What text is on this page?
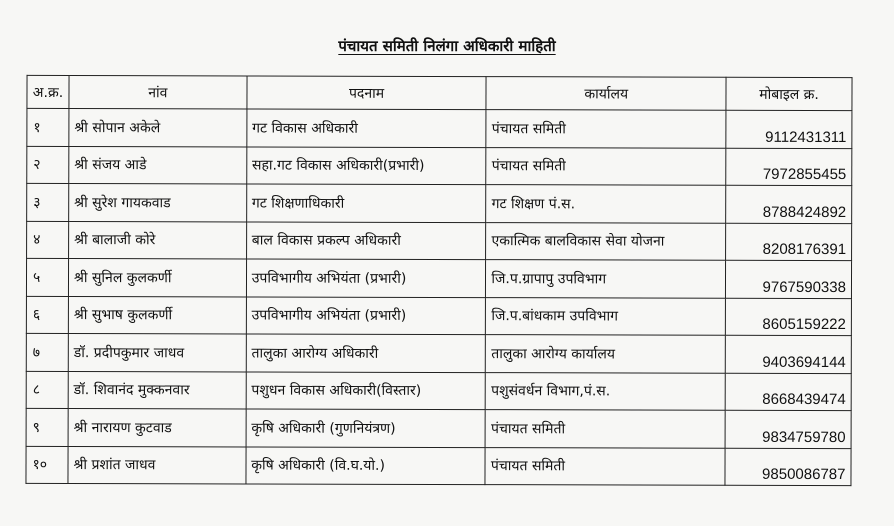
पंचायत समिती निलंगा अधिकारी माहिती
अ.क्र.	नांव	पदनाम	कार्यालय	मोबाइल क्र.
१	श्री सोपान अकेले	गट विकास अधिकारी	पंचायत समिती	9112431311
२	श्री संजय आडे	सहा.गट विकास अधिकारी(प्रभारी)	पंचायत समिती	7972855455
३	श्री सुरेश गायकवाड	गट शिक्षणाधिकारी	गट शिक्षण पं.स.	8788424892
४	श्री बालाजी कोरे	बाल विकास प्रकल्प अधिकारी	एकात्मिक बालविकास सेवा योजना	8208176391
५	श्री सुनिल कुलकर्णी	उपविभागीय अभियंता (प्रभारी)	जि.प.ग्रापापु उपविभाग	9767590338
६	श्री सुभाष कुलकर्णी	उपविभागीय अभियंता (प्रभारी)	जि.प.बांधकाम उपविभाग	8605159222
७	डॉ. प्रदीपकुमार जाधव	तालुका आरोग्य अधिकारी	तालुका आरोग्य कार्यालय	9403694144
८	डॉ. शिवानंद मुक्कनवार	पशुधन विकास अधिकारी(विस्तार)	पशुसंवर्धन विभाग,पं.स.	8668439474
९	श्री नारायण कुटवाड	कृषि अधिकारी (गुणनियंत्रण)	पंचायत समिती	9834759780
१०	श्री प्रशांत जाधव	कृषि अधिकारी (वि.घ.यो.)	पंचायत समिती	9850086787
